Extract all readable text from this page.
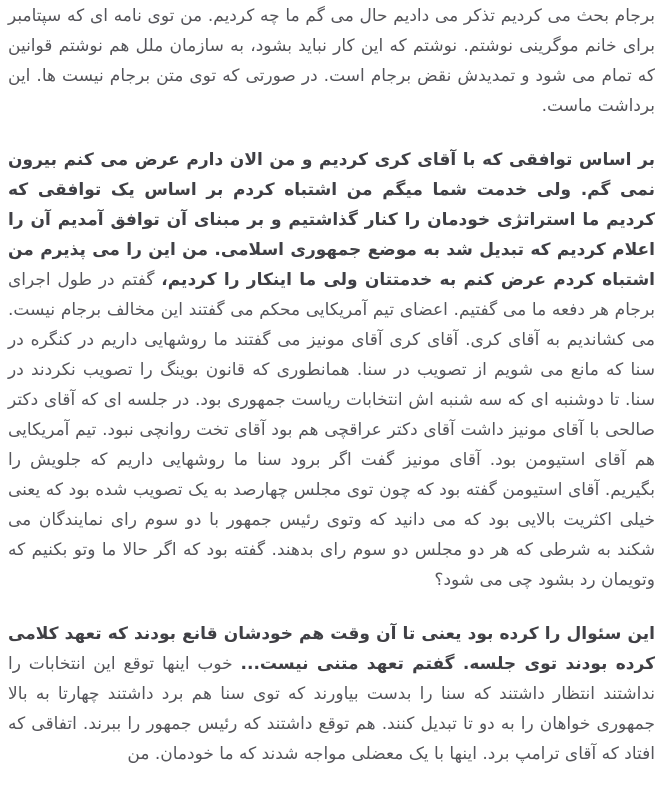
برجام بحث می کردیم تذکر می دادیم حال می گم ما چه کردیم. من توی نامه ای که سپتامبر برای خانم موگرینی نوشتم. نوشتم که این کار نباید بشود، به سازمان ملل هم نوشتم قوانین که تمام می شود و تمدیدش نقض برجام است. در صورتی که توی متن برجام نیست ها. این برداشت ماست.

بر اساس توافقی که با آقای کری کردیم و من الان دارم عرض می کنم بیرون نمی گم. ولی خدمت شما میگم من اشتباه کردم بر اساس یک توافقی که کردیم ما استراتژی خودمان را کنار گذاشتیم و بر مبنای آن توافق آمدیم آن را اعلام کردیم که تبدیل شد به موضع جمهوری اسلامی. من این را می پذیرم من اشتباه کردم عرض کنم به خدمتتان ولی ما اینکار را کردیم، گفتم در طول اجرای برجام هر دفعه ما می گفتیم. اعضای تیم آمریکایی محکم می گفتند این مخالف برجام نیست. می کشاندیم به آقای کری. آقای کری آقای مونیز می گفتند ما روشهایی داریم در کنگره در سنا که مانع می شویم از تصویب در سنا. همانطوری که قانون بوینگ را تصویب نکردند در سنا. تا دوشنبه ای که سه شنبه اش انتخابات ریاست جمهوری بود. در جلسه ای که آقای دکتر صالحی با آقای مونیز داشت آقای دکتر عراقچی هم بود آقای تخت روانچی نبود. تیم آمریکایی هم آقای استیومن بود. آقای مونیز گفت اگر برود سنا ما روشهایی داریم که جلویش را بگیریم. آقای استیومن گفته بود که چون توی مجلس چهارصد به یک تصویب شده بود که یعنی خیلی اکثریت بالایی بود که می دانید که وتوی رئیس جمهور با دو سوم رای نمایندگان می شکند به شرطی که هر دو مجلس دو سوم رای بدهند. گفته بود که اگر حالا ما وتو بکنیم که وتویمان رد بشود چی می شود؟

این سئوال را کرده بود یعنی تا آن وقت هم خودشان قانع بودند که تعهد کلامی کرده بودند توی جلسه. گفتم تعهد متنی نیست... خوب اینها توقع این انتخابات را نداشتند انتظار داشتند که سنا را بدست بیاورند که توی سنا هم برد داشتند چهارتا به بالا جمهوری خواهان را به دو تا تبدیل کنند. هم توقع داشتند که رئیس جمهور را ببرند. اتفاقی که افتاد که آقای ترامپ برد. اینها با یک معضلی مواجه شدند که ما خودمان. من
